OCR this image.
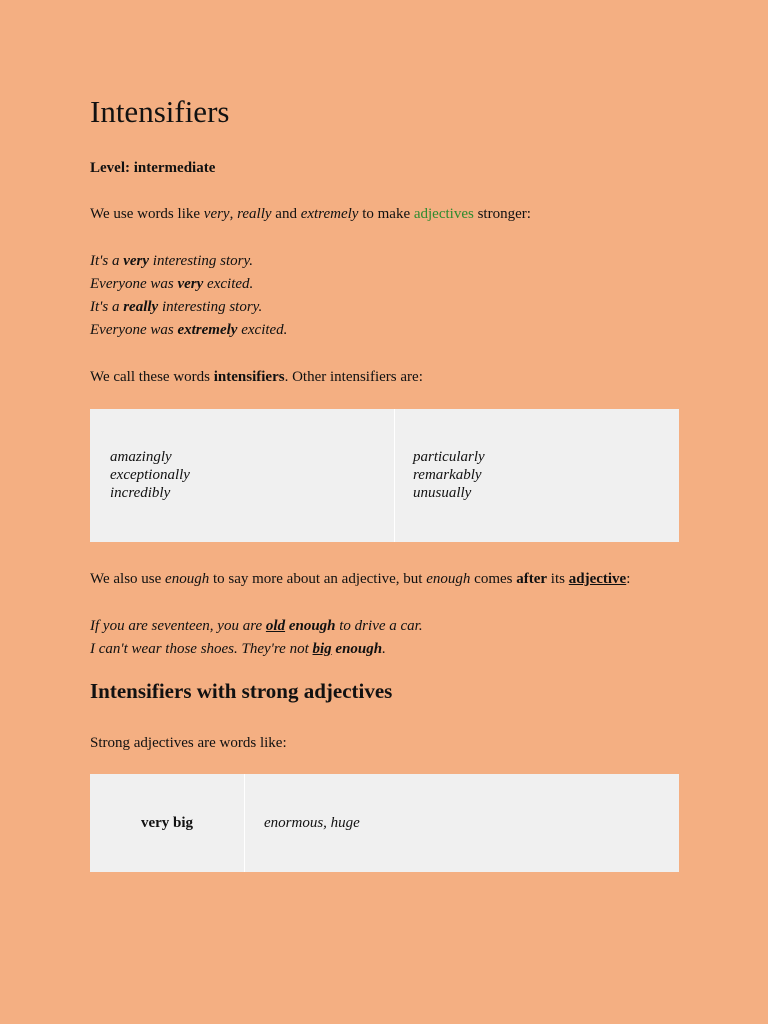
Intensifiers
Level: intermediate
We use words like very, really and extremely to make adjectives stronger:
It's a very interesting story.
Everyone was very excited.
It's a really interesting story.
Everyone was extremely excited.
We call these words intensifiers. Other intensifiers are:
amazingly
exceptionally
incredibly
particularly
remarkably
unusually
We also use enough to say more about an adjective, but enough comes after its adjective:
If you are seventeen, you are old enough to drive a car.
I can't wear those shoes. They're not big enough.
Intensifiers with strong adjectives
Strong adjectives are words like:
very big	enormous, huge
